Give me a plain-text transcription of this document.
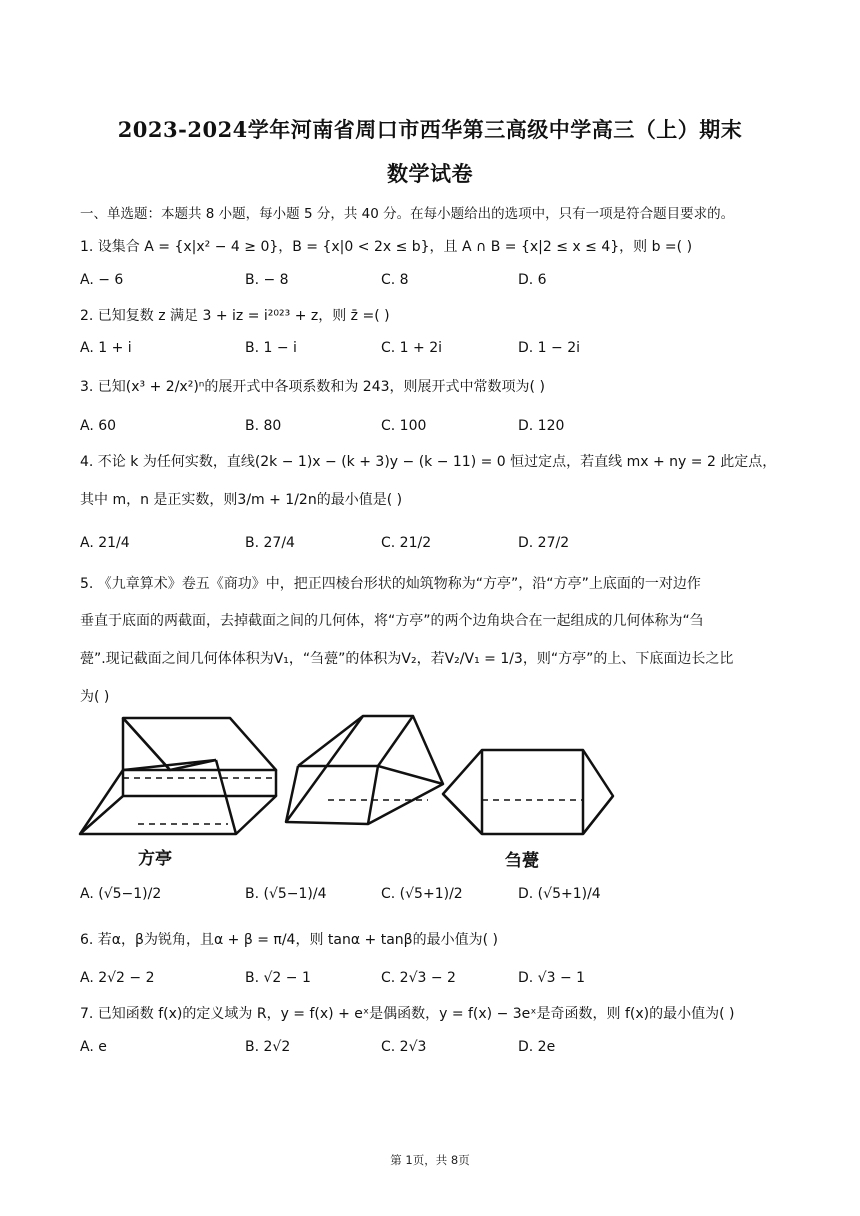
2023-2024学年河南省周口市西华第三高级中学高三（上）期末
数学试卷
一、单选题：本题共 8 小题，每小题 5 分，共 40 分。在每小题给出的选项中，只有一项是符合题目要求的。
1. 设集合 A = {x|x² − 4 ≥ 0}，B = {x|0 < 2x ≤ b}，且 A ∩ B = {x|2 ≤ x ≤ 4}，则 b =( )
A. − 6	B. − 8	C. 8	D. 6
2. 已知复数 z 满足 3 + iz = i²⁰²³ + z，则 z̄ =( )
A. 1 + i	B. 1 − i	C. 1 + 2i	D. 1 − 2i
3. 已知(x³ + 2/x²)ⁿ的展开式中各项系数和为 243，则展开式中常数项为( )
A. 60	B. 80	C. 100	D. 120
4. 不论 k 为任何实数，直线(2k − 1)x − (k + 3)y − (k − 11) = 0 恒过定点，若直线 mx + ny = 2 此定点，
其中 m，n 是正实数，则3/m + 1/2n的最小值是( )
A. 21/4	B. 27/4	C. 21/2	D. 27/2
5. 《九章算术》卷五《商功》中，把正四棱台形状的灿筑物称为“方亭”，沿“方亭”上底面的一对边作
垂直于底面的两截面，去掉截面之间的几何体，将“方亭”的两个边角块合在一起组成的几何体称为“刍
甍”.现记截面之间几何体体积为V₁，“刍甍”的体积为V₂，若V₂/V₁ = 1/3，则“方亭”的上、下底面边长之比
为( )
方亭	刍甍
A. (√5−1)/2	B. (√5−1)/4	C. (√5+1)/2	D. (√5+1)/4
6. 若α，β为锐角，且α + β = π/4，则 tanα + tanβ的最小值为( )
A. 2√2 − 2	B. √2 − 1	C. 2√3 − 2	D. √3 − 1
7. 已知函数 f(x)的定义域为 R，y = f(x) + eˣ是偶函数，y = f(x) − 3eˣ是奇函数，则 f(x)的最小值为( )
A. e	B. 2√2	C. 2√3	D. 2e
第 1页，共 8页
